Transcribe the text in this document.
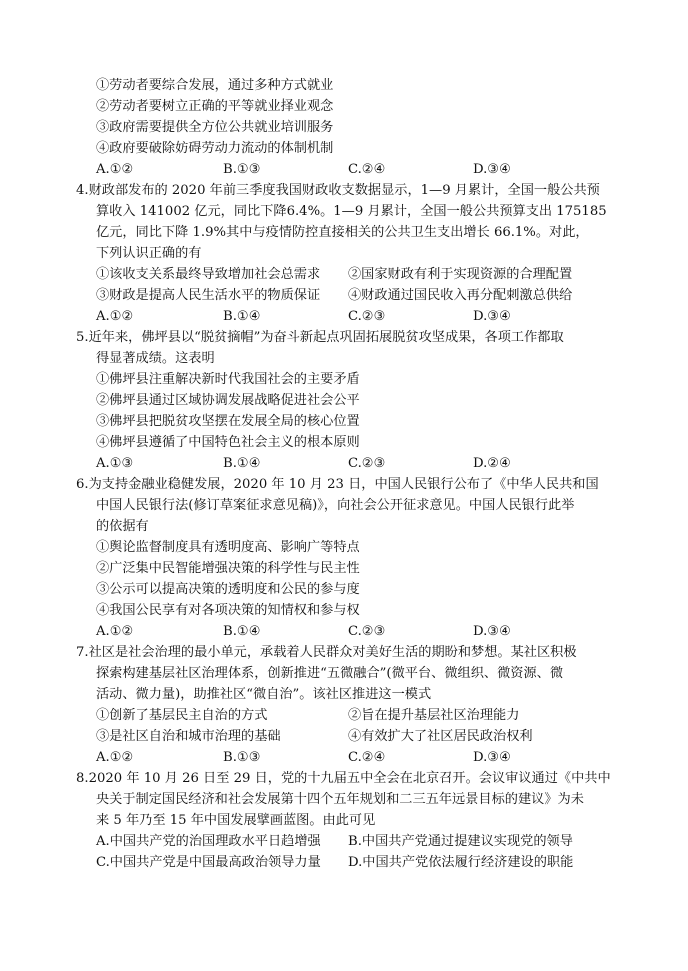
①劳动者要综合发展，通过多种方式就业
②劳动者要树立正确的平等就业择业观念
③政府需要提供全方位公共就业培训服务
④政府要破除妨碍劳动力流动的体制机制
A.①②	B.①③	C.②④	D.③④
4.财政部发布的 2020 年前三季度我国财政收支数据显示，1—9 月累计，全国一般公共预
算收入 141002 亿元，同比下降6.4%。1—9 月累计，全国一般公共预算支出 175185
亿元，同比下降 1.9%其中与疫情防控直接相关的公共卫生支出增长 66.1%。对此，
下列认识正确的有
①该收支关系最终导致增加社会总需求 ②国家财政有利于实现资源的合理配置
③财政是提高人民生活水平的物质保证 ④财政通过国民收入再分配刺激总供给
A.①②	B.①④	C.②③	D.③④
5.近年来，佛坪县以“脱贫摘帽”为奋斗新起点巩固拓展脱贫攻坚成果，各项工作都取
得显著成绩。这表明
①佛坪县注重解决新时代我国社会的主要矛盾
②佛坪县通过区域协调发展战略促进社会公平
③佛坪县把脱贫攻坚摆在发展全局的核心位置
④佛坪县遵循了中国特色社会主义的根本原则
A.①③	B.①④	C.②③	D.②④
6.为支持金融业稳健发展，2020 年 10 月 23 日，中国人民银行公布了《中华人民共和国
中国人民银行法(修订草案征求意见稿)》，向社会公开征求意见。中国人民银行此举
的依据有
①舆论监督制度具有透明度高、影响广等特点
②广泛集中民智能增强决策的科学性与民主性
③公示可以提高决策的透明度和公民的参与度
④我国公民享有对各项决策的知情权和参与权
A.①②	B.①④	C.②③	D.③④
7.社区是社会治理的最小单元，承载着人民群众对美好生活的期盼和梦想。某社区积极
探索构建基层社区治理体系，创新推进“五微融合”(微平台、微组织、微资源、微
活动、微力量)，助推社区“微自治”。该社区推进这一模式
①创新了基层民主自治的方式	②旨在提升基层社区治理能力
③是社区自治和城市治理的基础	④有效扩大了社区居民政治权利
A.①②	B.①③	C.②④	D.③④
8.2020 年 10 月 26 日至 29 日，党的十九届五中全会在北京召开。会议审议通过《中共中
央关于制定国民经济和社会发展第十四个五年规划和二三五年远景目标的建议》为未
来 5 年乃至 15 年中国发展擘画蓝图。由此可见
A.中国共产党的治国理政水平日趋增强 B.中国共产党通过提建议实现党的领导
C.中国共产党是中国最高政治领导力量 D.中国共产党依法履行经济建设的职能
